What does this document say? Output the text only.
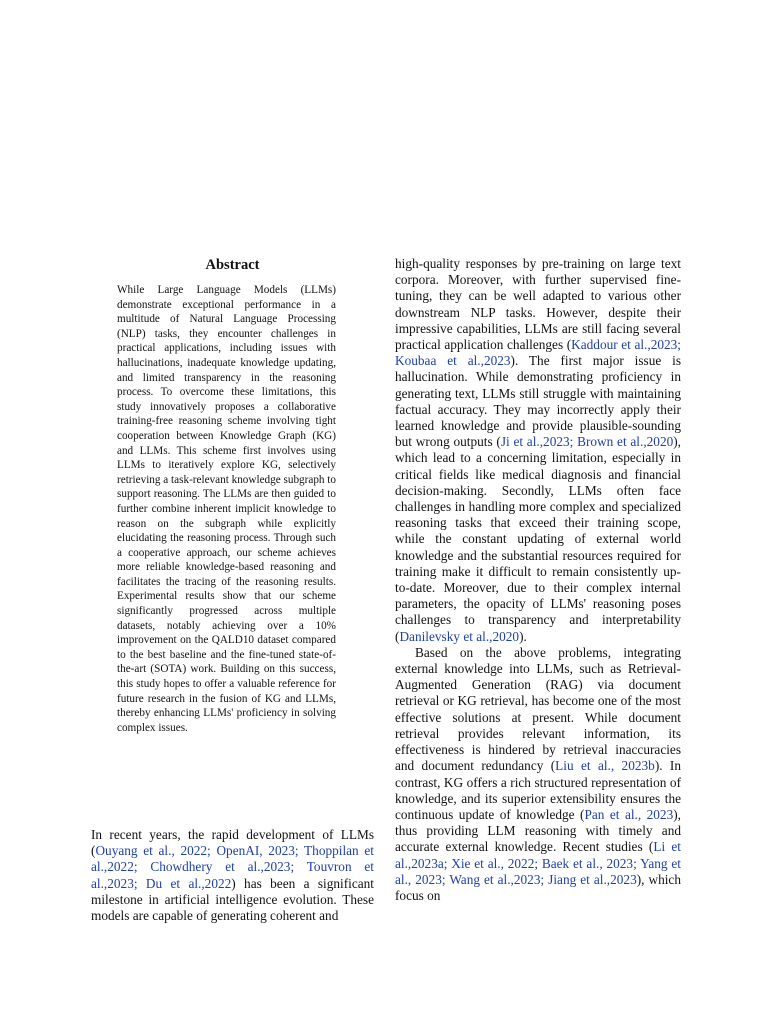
Abstract

While Large Language Models (LLMs) demonstrate exceptional performance in a multitude of Natural Language Processing (NLP) tasks, they encounter challenges in practical applications, including issues with hallucinations, inadequate knowledge updating, and limited transparency in the reasoning process. To overcome these limitations, this study innovatively proposes a collaborative training-free reasoning scheme involving tight cooperation between Knowledge Graph (KG) and LLMs. This scheme first involves using LLMs to iteratively explore KG, selectively retrieving a task-relevant knowledge subgraph to support reasoning. The LLMs are then guided to further combine inherent implicit knowledge to reason on the subgraph while explicitly elucidating the reasoning process. Through such a cooperative approach, our scheme achieves more reliable knowledge-based reasoning and facilitates the tracing of the reasoning results. Experimental results show that our scheme significantly progressed across multiple datasets, notably achieving over a 10% improvement on the QALD10 dataset compared to the best baseline and the fine-tuned state-of-the-art (SOTA) work. Building on this success, this study hopes to offer a valuable reference for future research in the fusion of KG and LLMs, thereby enhancing LLMs' proficiency in solving complex issues.

In recent years, the rapid development of LLMs (Ouyang et al., 2022; OpenAI, 2023; Thoppilan et al.,2022; Chowdhery et al.,2023; Touvron et al.,2023; Du et al.,2022) has been a significant milestone in artificial intelligence evolution. These models are capable of generating coherent and

high-quality responses by pre-training on large text corpora. Moreover, with further supervised fine-tuning, they can be well adapted to various other downstream NLP tasks. However, despite their impressive capabilities, LLMs are still facing several practical application challenges (Kaddour et al.,2023; Koubaa et al.,2023). The first major issue is hallucination. While demonstrating proficiency in generating text, LLMs still struggle with maintaining factual accuracy. They may incorrectly apply their learned knowledge and provide plausible-sounding but wrong outputs (Ji et al.,2023; Brown et al.,2020), which lead to a concerning limitation, especially in critical fields like medical diagnosis and financial decision-making. Secondly, LLMs often face challenges in handling more complex and specialized reasoning tasks that exceed their training scope, while the constant updating of external world knowledge and the substantial resources required for training make it difficult to remain consistently up-to-date. Moreover, due to their complex internal parameters, the opacity of LLMs' reasoning poses challenges to transparency and interpretability (Danilevsky et al.,2020).

Based on the above problems, integrating external knowledge into LLMs, such as Retrieval-Augmented Generation (RAG) via document retrieval or KG retrieval, has become one of the most effective solutions at present. While document retrieval provides relevant information, its effectiveness is hindered by retrieval inaccuracies and document redundancy (Liu et al., 2023b). In contrast, KG offers a rich structured representation of knowledge, and its superior extensibility ensures the continuous update of knowledge (Pan et al., 2023), thus providing LLM reasoning with timely and accurate external knowledge. Recent studies (Li et al.,2023a; Xie et al., 2022; Baek et al., 2023; Yang et al., 2023; Wang et al.,2023; Jiang et al.,2023), which focus on
